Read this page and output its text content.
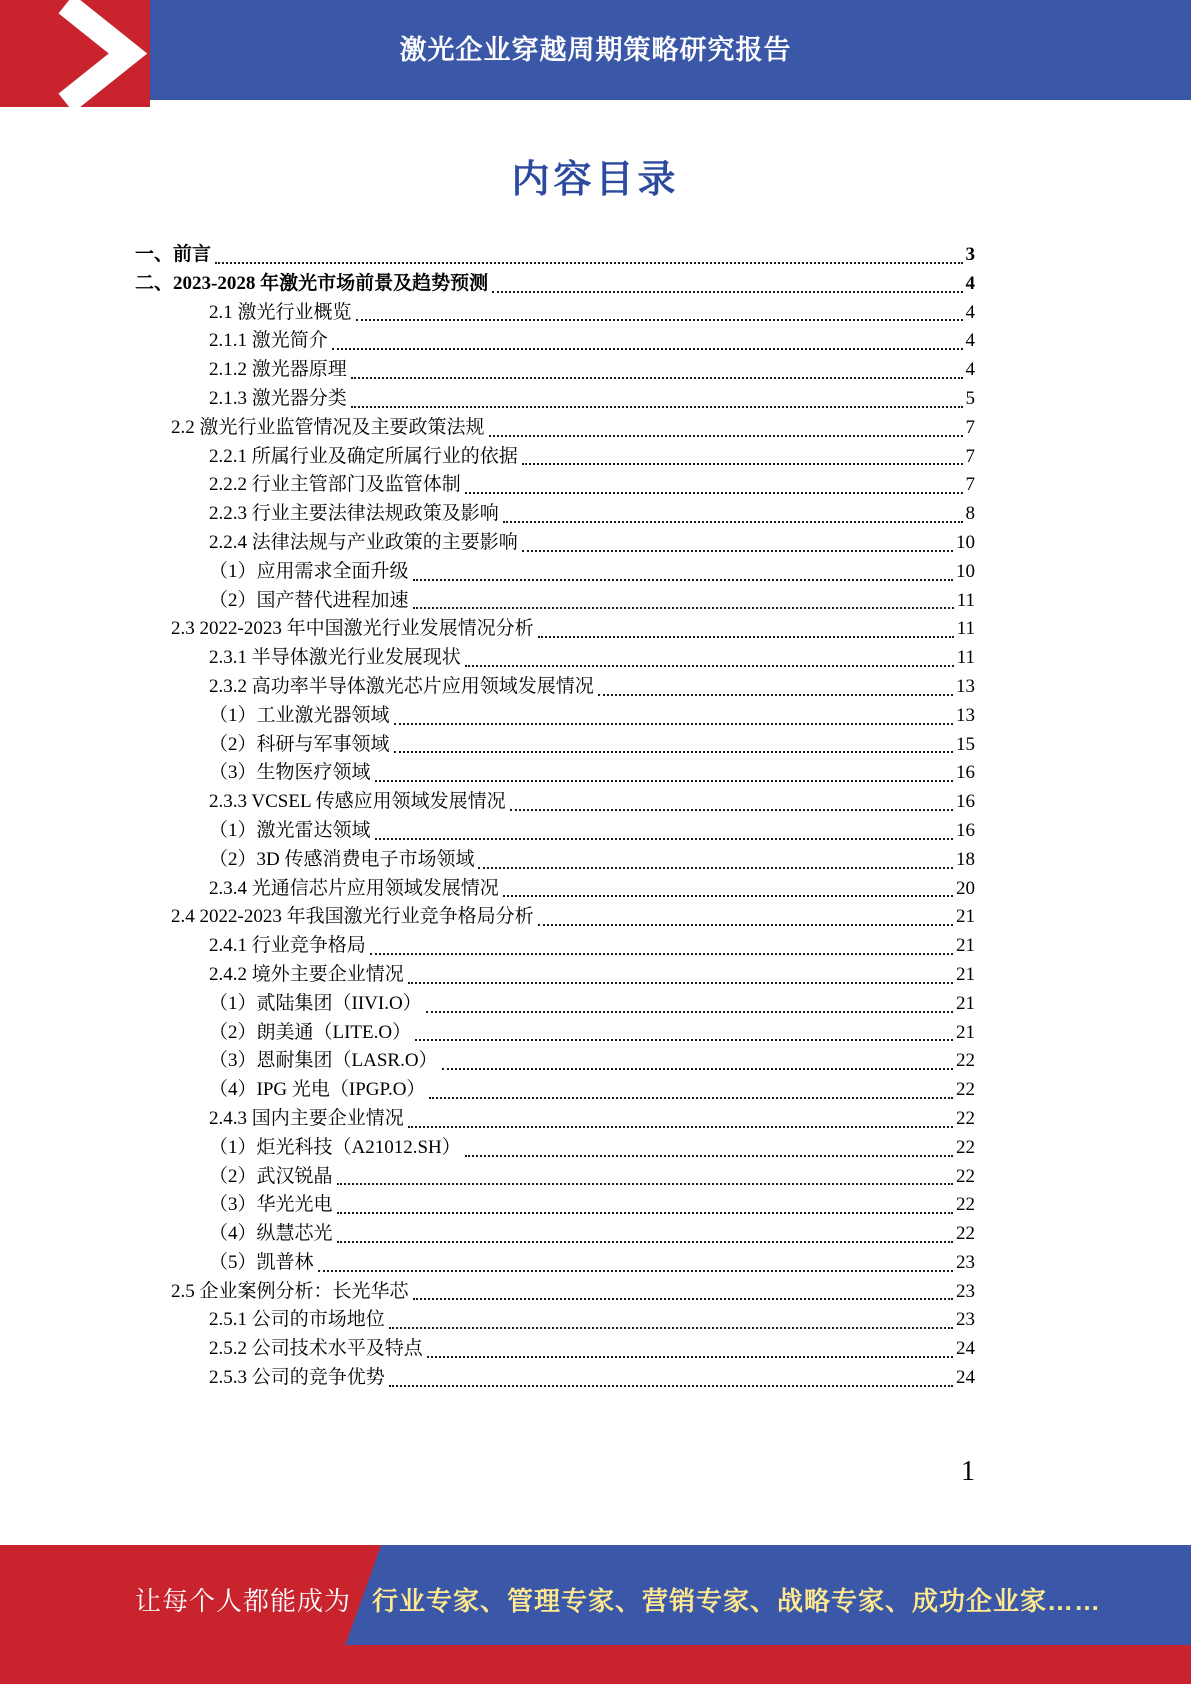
激光企业穿越周期策略研究报告
内容目录
一、前言	3
二、2023-2028 年激光市场前景及趋势预测	4
2.1 激光行业概览	4
2.1.1 激光简介	4
2.1.2 激光器原理	4
2.1.3 激光器分类	5
2.2 激光行业监管情况及主要政策法规	7
2.2.1 所属行业及确定所属行业的依据	7
2.2.2 行业主管部门及监管体制	7
2.2.3 行业主要法律法规政策及影响	8
2.2.4 法律法规与产业政策的主要影响	10
（1）应用需求全面升级	10
（2）国产替代进程加速	11
2.3 2022-2023 年中国激光行业发展情况分析	11
2.3.1 半导体激光行业发展现状	11
2.3.2 高功率半导体激光芯片应用领域发展情况	13
（1）工业激光器领域	13
（2）科研与军事领域	15
（3）生物医疗领域	16
2.3.3 VCSEL 传感应用领域发展情况	16
（1）激光雷达领域	16
（2）3D 传感消费电子市场领域	18
2.3.4 光通信芯片应用领域发展情况	20
2.4 2022-2023 年我国激光行业竞争格局分析	21
2.4.1 行业竞争格局	21
2.4.2 境外主要企业情况	21
（1）贰陆集团（IIVI.O）	21
（2）朗美通（LITE.O）	21
（3）恩耐集团（LASR.O）	22
（4）IPG 光电（IPGP.O）	22
2.4.3 国内主要企业情况	22
（1）炬光科技（A21012.SH）	22
（2）武汉锐晶	22
（3）华光光电	22
（4）纵慧芯光	22
（5）凯普林	23
2.5 企业案例分析：长光华芯	23
2.5.1 公司的市场地位	23
2.5.2 公司技术水平及特点	24
2.5.3 公司的竞争优势	24
1
让每个人都能成为 行业专家、管理专家、营销专家、战略专家、成功企业家……
